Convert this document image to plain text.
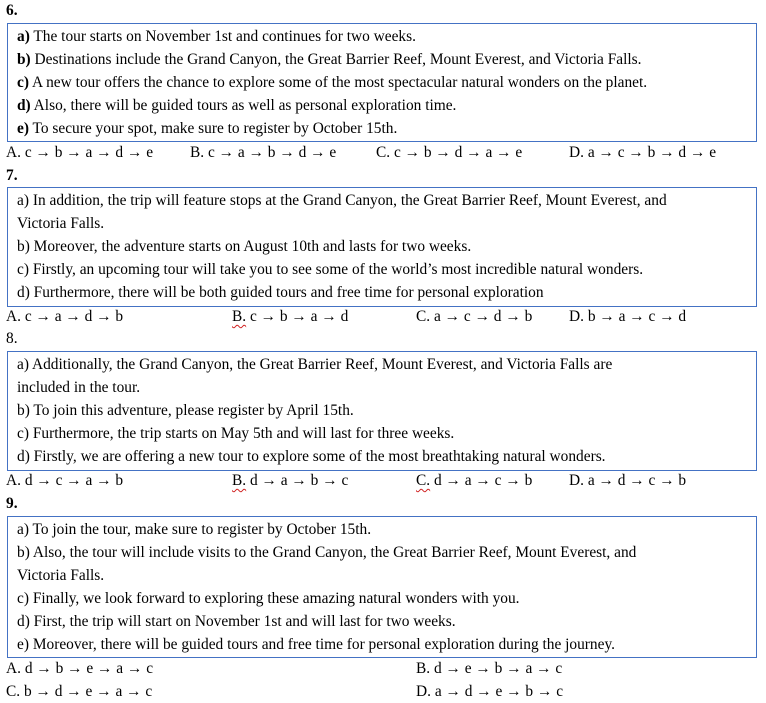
6.
a) The tour starts on November 1st and continues for two weeks.
b) Destinations include the Grand Canyon, the Great Barrier Reef, Mount Everest, and Victoria Falls.
c) A new tour offers the chance to explore some of the most spectacular natural wonders on the planet.
d) Also, there will be guided tours as well as personal exploration time.
e) To secure your spot, make sure to register by October 15th.
A. c → b → a → d → e B. c → a → b → d → e	C. c → b → d → a → e	D. a → c → b → d → e
7.
a) In addition, the trip will feature stops at the Grand Canyon, the Great Barrier Reef, Mount Everest, and
Victoria Falls.
b) Moreover, the adventure starts on August 10th and lasts for two weeks.
c) Firstly, an upcoming tour will take you to see some of the world’s most incredible natural wonders.
d) Furthermore, there will be both guided tours and free time for personal exploration
A. c → a → d → b	B. c → b → a → d	C. a → c → d → b D. b → a → c → d
8.
a) Additionally, the Grand Canyon, the Great Barrier Reef, Mount Everest, and Victoria Falls are
included in the tour.
b) To join this adventure, please register by April 15th.
c) Furthermore, the trip starts on May 5th and will last for three weeks.
d) Firstly, we are offering a new tour to explore some of the most breathtaking natural wonders.
A. d → c → a → b	B. d → a → b → c	C. d → a → c → b D. a → d → c → b
9.
a) To join the tour, make sure to register by October 15th.
b) Also, the tour will include visits to the Grand Canyon, the Great Barrier Reef, Mount Everest, and
Victoria Falls.
c) Finally, we look forward to exploring these amazing natural wonders with you.
d) First, the trip will start on November 1st and will last for two weeks.
e) Moreover, there will be guided tours and free time for personal exploration during the journey.
A. d → b → e → a → c	B. d → e → b → a → c
C. b → d → e → a → c	D. a → d → e → b → c
